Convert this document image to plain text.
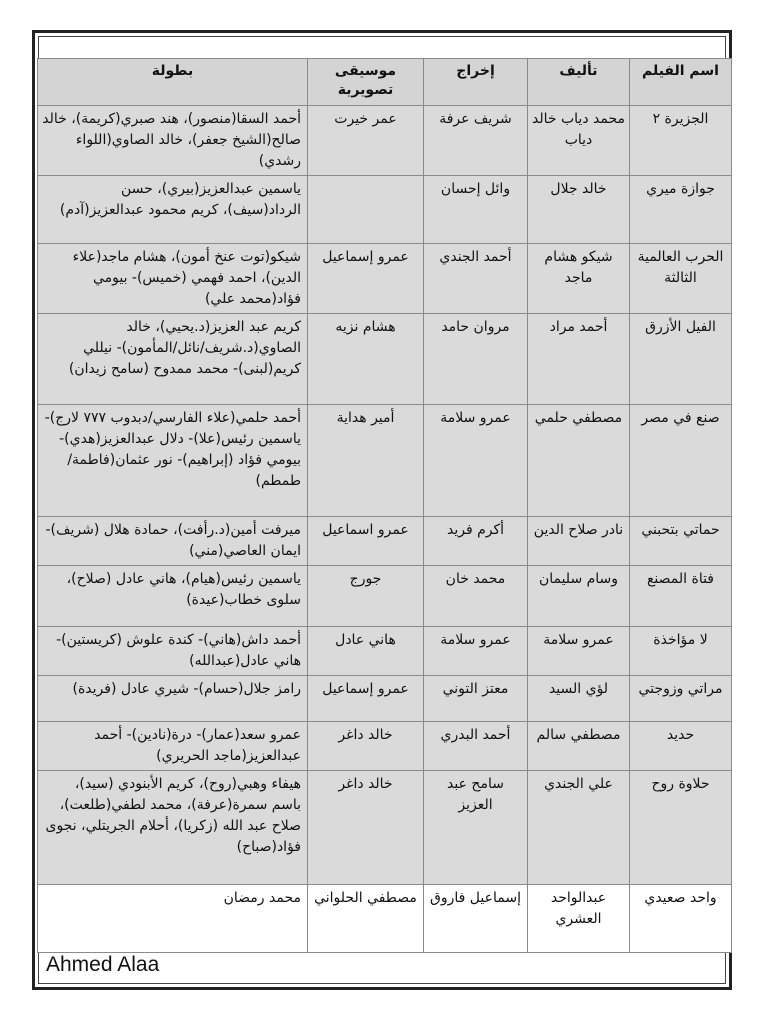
اسم الفيلم	تأليف	إخراج	موسيقى تصويرية	بطولة
الجزيرة ٢	محمد دياب خالد دياب	شريف عرفة	عمر خيرت	أحمد السقا(منصور)، هند صبري(كريمة)، خالد صالح(الشيخ جعفر)، خالد الصاوي(اللواء رشدي)
جوازة ميري	خالد جلال	وائل إحسان		ياسمين عبدالعزيز(بيري)، حسن الرداد(سيف)، كريم محمود عبدالعزيز(آدم)
الحرب العالمية الثالثة	شيكو هشام ماجد	أحمد الجندي	عمرو إسماعيل	شيكو(توت عنخ أمون)، هشام ماجد(علاء الدين)، احمد فهمي (خميس)- بيومي فؤاد(محمد علي)
الفيل الأزرق	أحمد مراد	مروان حامد	هشام نزيه	كريم عبد العزيز(د.يحيي)، خالد الصاوي(د.شريف/نائل/المأمون)- نيللي كريم(لبنى)- محمد ممدوح (سامح زيدان)
صنع في مصر	مصطفي حلمي	عمرو سلامة	أمير هداية	أحمد حلمي(علاء الفارسي/دبدوب ٧٧٧ لارج)- ياسمين رئيس(علا)- دلال عبدالعزيز(هدي)- بيومي فؤاد (إبراهيم)- نور عثمان(فاطمة/طمطم)
حماتي بتحبني	نادر صلاح الدين	أكرم فريد	عمرو اسماعيل	ميرفت أمين(د.رأفت)، حمادة هلال (شريف)- ايمان العاصي(مني)
فتاة المصنع	وسام سليمان	محمد خان	جورج	ياسمين رئيس(هيام)، هاني عادل (صلاح)، سلوى خطاب(عيدة)
لا مؤاخذة	عمرو سلامة	عمرو سلامة	هاني عادل	أحمد داش(هاني)- كندة علوش (كريستين)- هاني عادل(عبدالله)
مراتي وزوجتي	لؤي السيد	معتز التوني	عمرو إسماعيل	رامز جلال(حسام)- شيري عادل (فريدة)
حديد	مصطفي سالم	أحمد البدري	خالد داغر	عمرو سعد(عمار)- درة(نادين)- أحمد عبدالعزيز(ماجد الحريري)
حلاوة روح	علي الجندي	سامح عبد العزيز	خالد داغر	هيفاء وهبي(روح)، كريم الأبنودي (سيد)، باسم سمرة(عرفة)، محمد لطفي(طلعت)، صلاح عبد الله (زكريا)، أحلام الجريتلي، نجوى فؤاد(صباح)
واحد صعيدي	عبدالواحد العشري	إسماعيل فاروق	مصطفي الحلواني	محمد رمضان
Ahmed Alaa
